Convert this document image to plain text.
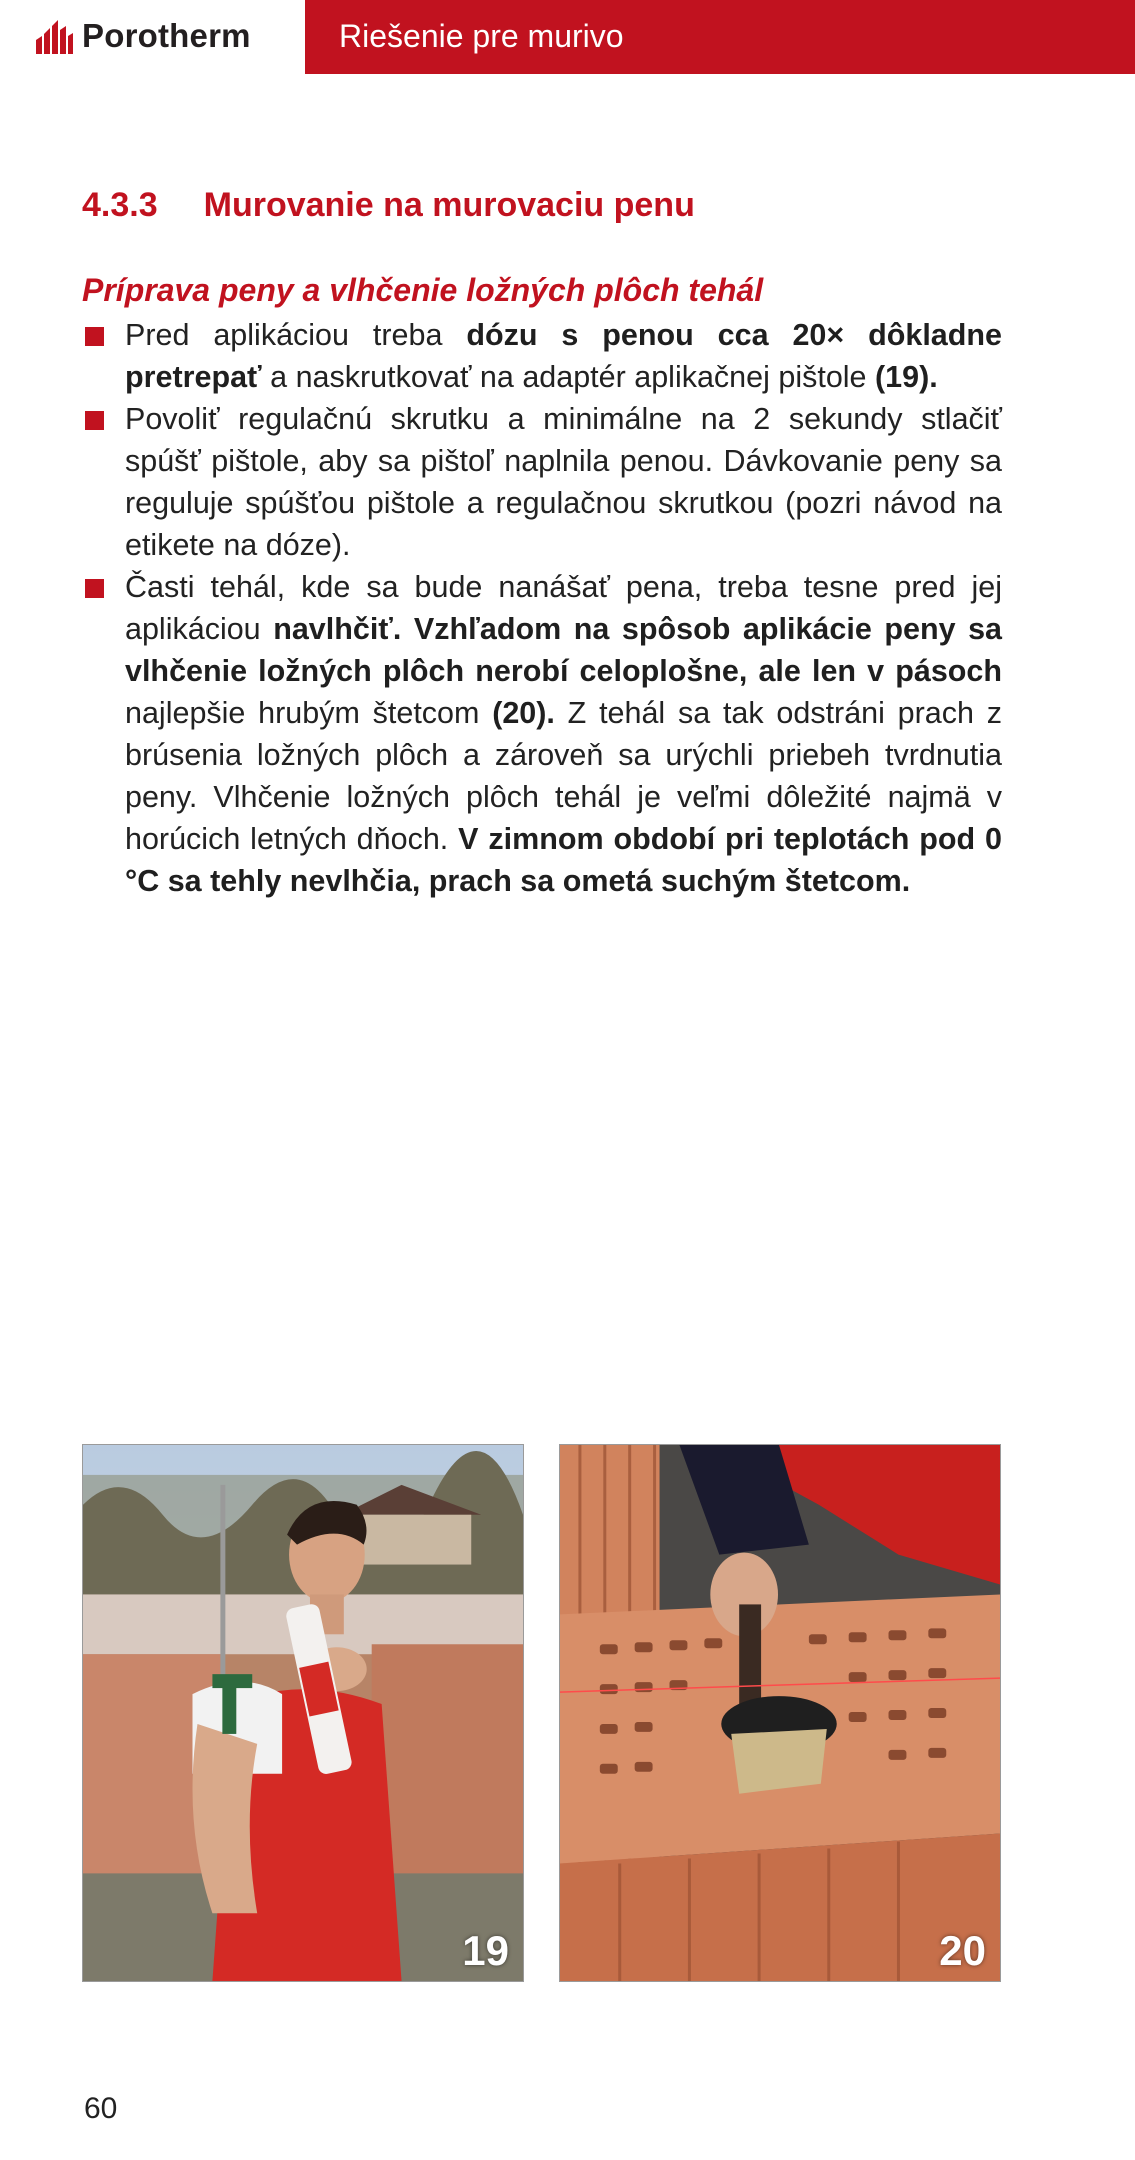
Porotherm	Riešenie pre murivo
4.3.3 Murovanie na murovaciu penu
Príprava peny a vlhčenie ložných plôch tehál
Pred aplikáciou treba dózu s penou cca 20× dôkladne pretrepať a naskrutkovať na adaptér aplikačnej pištole (19).
Povoliť regulačnú skrutku a minimálne na 2 sekundy stlačiť spúšť pištole, aby sa pištoľ naplnila penou. Dávkovanie peny sa reguluje spúšťou pištole a regulačnou skrutkou (pozri návod na etikete na dóze).
Časti tehál, kde sa bude nanášať pena, treba tesne pred jej aplikáciou navlhčiť. Vzhľadom na spôsob aplikácie peny sa vlhčenie ložných plôch nerobí celoplošne, ale len v pásoch najlepšie hrubým štetcom (20). Z tehál sa tak odstráni prach z brúsenia ložných plôch a zároveň sa urýchli priebeh tvrdnutia peny. Vlhčenie ložných plôch tehál je veľmi dôležité najmä v horúcich letných dňoch. V zimnom období pri teplotách pod 0 °C sa tehly nevlhčia, prach sa ometá suchým štetcom.
19	20
60
